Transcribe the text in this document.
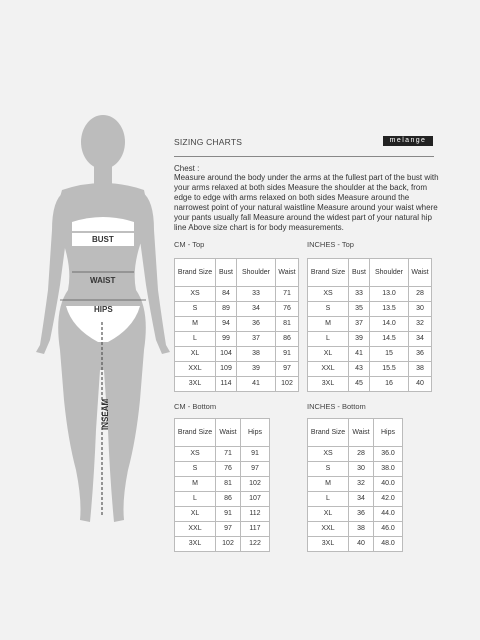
BUST
WAIST
HIPS
INSEAM
SIZING CHARTS	melange
Chest :
Measure around the body under the arms at the fullest part of the bust with your arms relaxed at both sides Measure the shoulder at the back, from edge to edge with arms relaxed on both sides Measure around the narrowest point of your natural waistline Measure around your waist where your pants usually fall Measure around the widest part of your natural hip line Above size chart is for body measurements.
CM - Top	INCHES - Top
CM - Bottom	INCHES - Bottom
Brand Size	Bust	Shoulder	Waist
XS	84	33	71
S	89	34	76
M	94	36	81
L	99	37	86
XL	104	38	91
XXL	109	39	97
3XL	114	41	102
Brand Size	Bust	Shoulder	Waist
XS	33	13.0	28
S	35	13.5	30
M	37	14.0	32
L	39	14.5	34
XL	41	15	36
XXL	43	15.5	38
3XL	45	16	40
Brand Size	Waist	Hips
XS	71	91
S	76	97
M	81	102
L	86	107
XL	91	112
XXL	97	117
3XL	102	122
Brand Size	Waist	Hips
XS	28	36.0
S	30	38.0
M	32	40.0
L	34	42.0
XL	36	44.0
XXL	38	46.0
3XL	40	48.0
